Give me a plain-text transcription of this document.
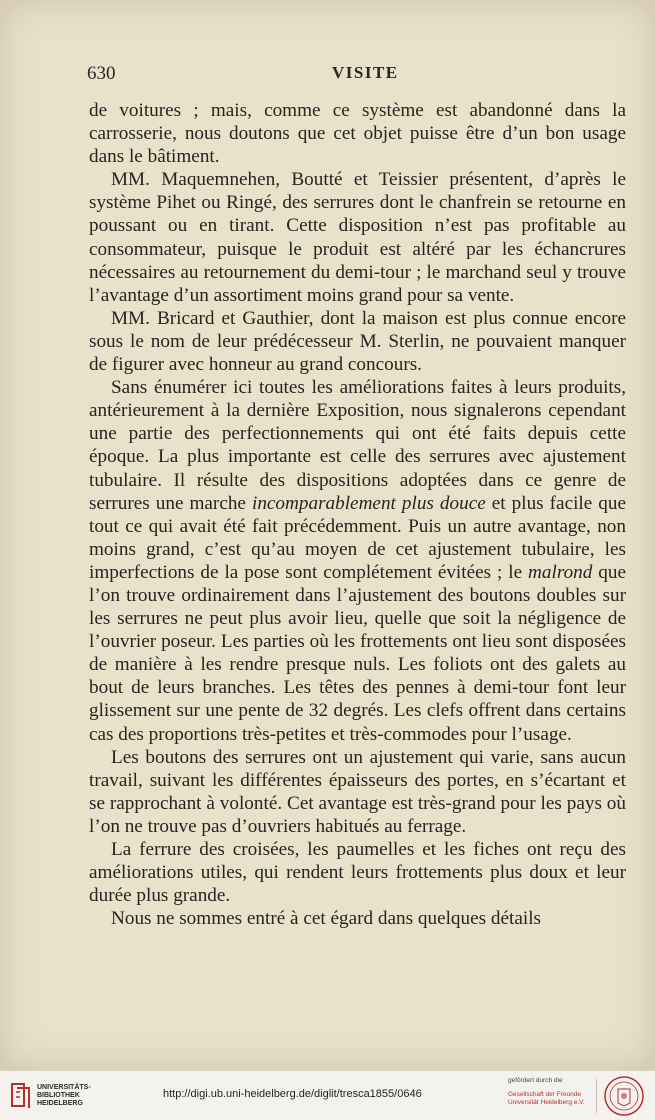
630	VISITE

de voitures ; mais, comme ce système est abandonné dans la carrosserie, nous doutons que cet objet puisse être d’un bon usage dans le bâtiment.

MM. Maquemnehen, Boutté et Teissier présentent, d’après le système Pihet ou Ringé, des serrures dont le chanfrein se retourne en poussant ou en tirant. Cette disposition n’est pas profitable au consommateur, puisque le produit est altéré par les échancrures nécessaires au retournement du demi-tour ; le marchand seul y trouve l’avantage d’un assortiment moins grand pour sa vente.

MM. Bricard et Gauthier, dont la maison est plus connue encore sous le nom de leur prédécesseur M. Sterlin, ne pouvaient manquer de figurer avec honneur au grand concours.

Sans énumérer ici toutes les améliorations faites à leurs produits, antérieurement à la dernière Exposition, nous signalerons cependant une partie des perfectionnements qui ont été faits depuis cette époque. La plus importante est celle des serrures avec ajustement tubulaire. Il résulte des dispositions adoptées dans ce genre de serrures une marche incomparablement plus douce et plus facile que tout ce qui avait été fait précédemment. Puis un autre avantage, non moins grand, c’est qu’au moyen de cet ajustement tubulaire, les imperfections de la pose sont complétement évitées ; le malrond que l’on trouve ordinairement dans l’ajustement des boutons doubles sur les serrures ne peut plus avoir lieu, quelle que soit la négligence de l’ouvrier poseur. Les parties où les frottements ont lieu sont disposées de manière à les rendre presque nuls. Les foliots ont des galets au bout de leurs branches. Les têtes des pennes à demi-tour font leur glissement sur une pente de 32 degrés. Les clefs offrent dans certains cas des proportions très-petites et très-commodes pour l’usage.

Les boutons des serrures ont un ajustement qui varie, sans aucun travail, suivant les différentes épaisseurs des portes, en s’écartant et se rapprochant à volonté. Cet avantage est très-grand pour les pays où l’on ne trouve pas d’ouvriers habitués au ferrage.

La ferrure des croisées, les paumelles et les fiches ont reçu des améliorations utiles, qui rendent leurs frottements plus doux et leur durée plus grande.

Nous ne sommes entré à cet égard dans quelques détails

UNIVERSITÄTS-
BIBLIOTHEK
HEIDELBERG
http://digi.ub.uni-heidelberg.de/diglit/tresca1855/0646
gefördert durch die
Gesellschaft der Freunde
Universität Heidelberg e.V.
